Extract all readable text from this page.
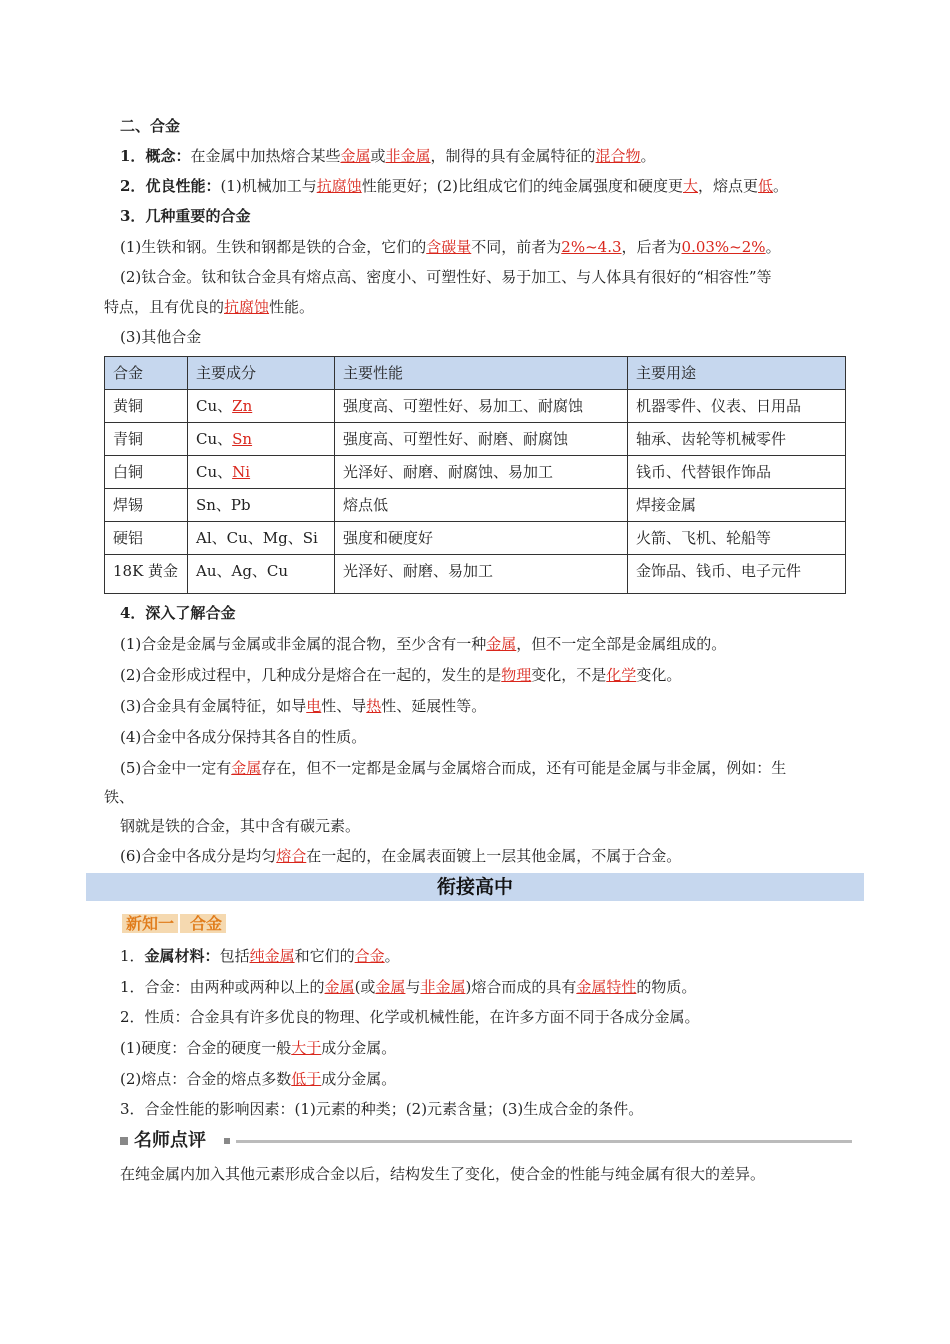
二、合金
1．概念：在金属中加热熔合某些金属或非金属，制得的具有金属特征的混合物。
2．优良性能：(1)机械加工与抗腐蚀性能更好；(2)比组成它们的纯金属强度和硬度更大，熔点更低。
3．几种重要的合金
(1)生铁和钢。生铁和钢都是铁的合金，它们的含碳量不同，前者为2%~4.3，后者为0.03%~2%。
(2)钛合金。钛和钛合金具有熔点高、密度小、可塑性好、易于加工、与人体具有很好的“相容性”等
特点，且有优良的抗腐蚀性能。
(3)其他合金
合金	主要成分	主要性能	主要用途
黄铜	Cu、Zn	强度高、可塑性好、易加工、耐腐蚀	机器零件、仪表、日用品
青铜	Cu、Sn	强度高、可塑性好、耐磨、耐腐蚀	轴承、齿轮等机械零件
白铜	Cu、Ni	光泽好、耐磨、耐腐蚀、易加工	钱币、代替银作饰品
焊锡	Sn、Pb	熔点低	焊接金属
硬铝	Al、Cu、Mg、Si	强度和硬度好	火箭、飞机、轮船等
18K 黄金	Au、Ag、Cu	光泽好、耐磨、易加工	金饰品、钱币、电子元件
4．深入了解合金
(1)合金是金属与金属或非金属的混合物，至少含有一种金属，但不一定全部是金属组成的。
(2)合金形成过程中，几种成分是熔合在一起的，发生的是物理变化，不是化学变化。
(3)合金具有金属特征，如导电性、导热性、延展性等。
(4)合金中各成分保持其各自的性质。
(5)合金中一定有金属存在，但不一定都是金属与金属熔合而成，还有可能是金属与非金属，例如：生
铁、
钢就是铁的合金，其中含有碳元素。
(6)合金中各成分是均匀熔合在一起的，在金属表面镀上一层其他金属，不属于合金。
衔接高中
新知一 合金
1．金属材料：包括纯金属和它们的合金。
1．合金：由两种或两种以上的金属(或金属与非金属)熔合而成的具有金属特性的物质。
2．性质：合金具有许多优良的物理、化学或机械性能，在许多方面不同于各成分金属。
(1)硬度：合金的硬度一般大于成分金属。
(2)熔点：合金的熔点多数低于成分金属。
3．合金性能的影响因素：(1)元素的种类；(2)元素含量；(3)生成合金的条件。
名师点评
在纯金属内加入其他元素形成合金以后，结构发生了变化，使合金的性能与纯金属有很大的差异。
